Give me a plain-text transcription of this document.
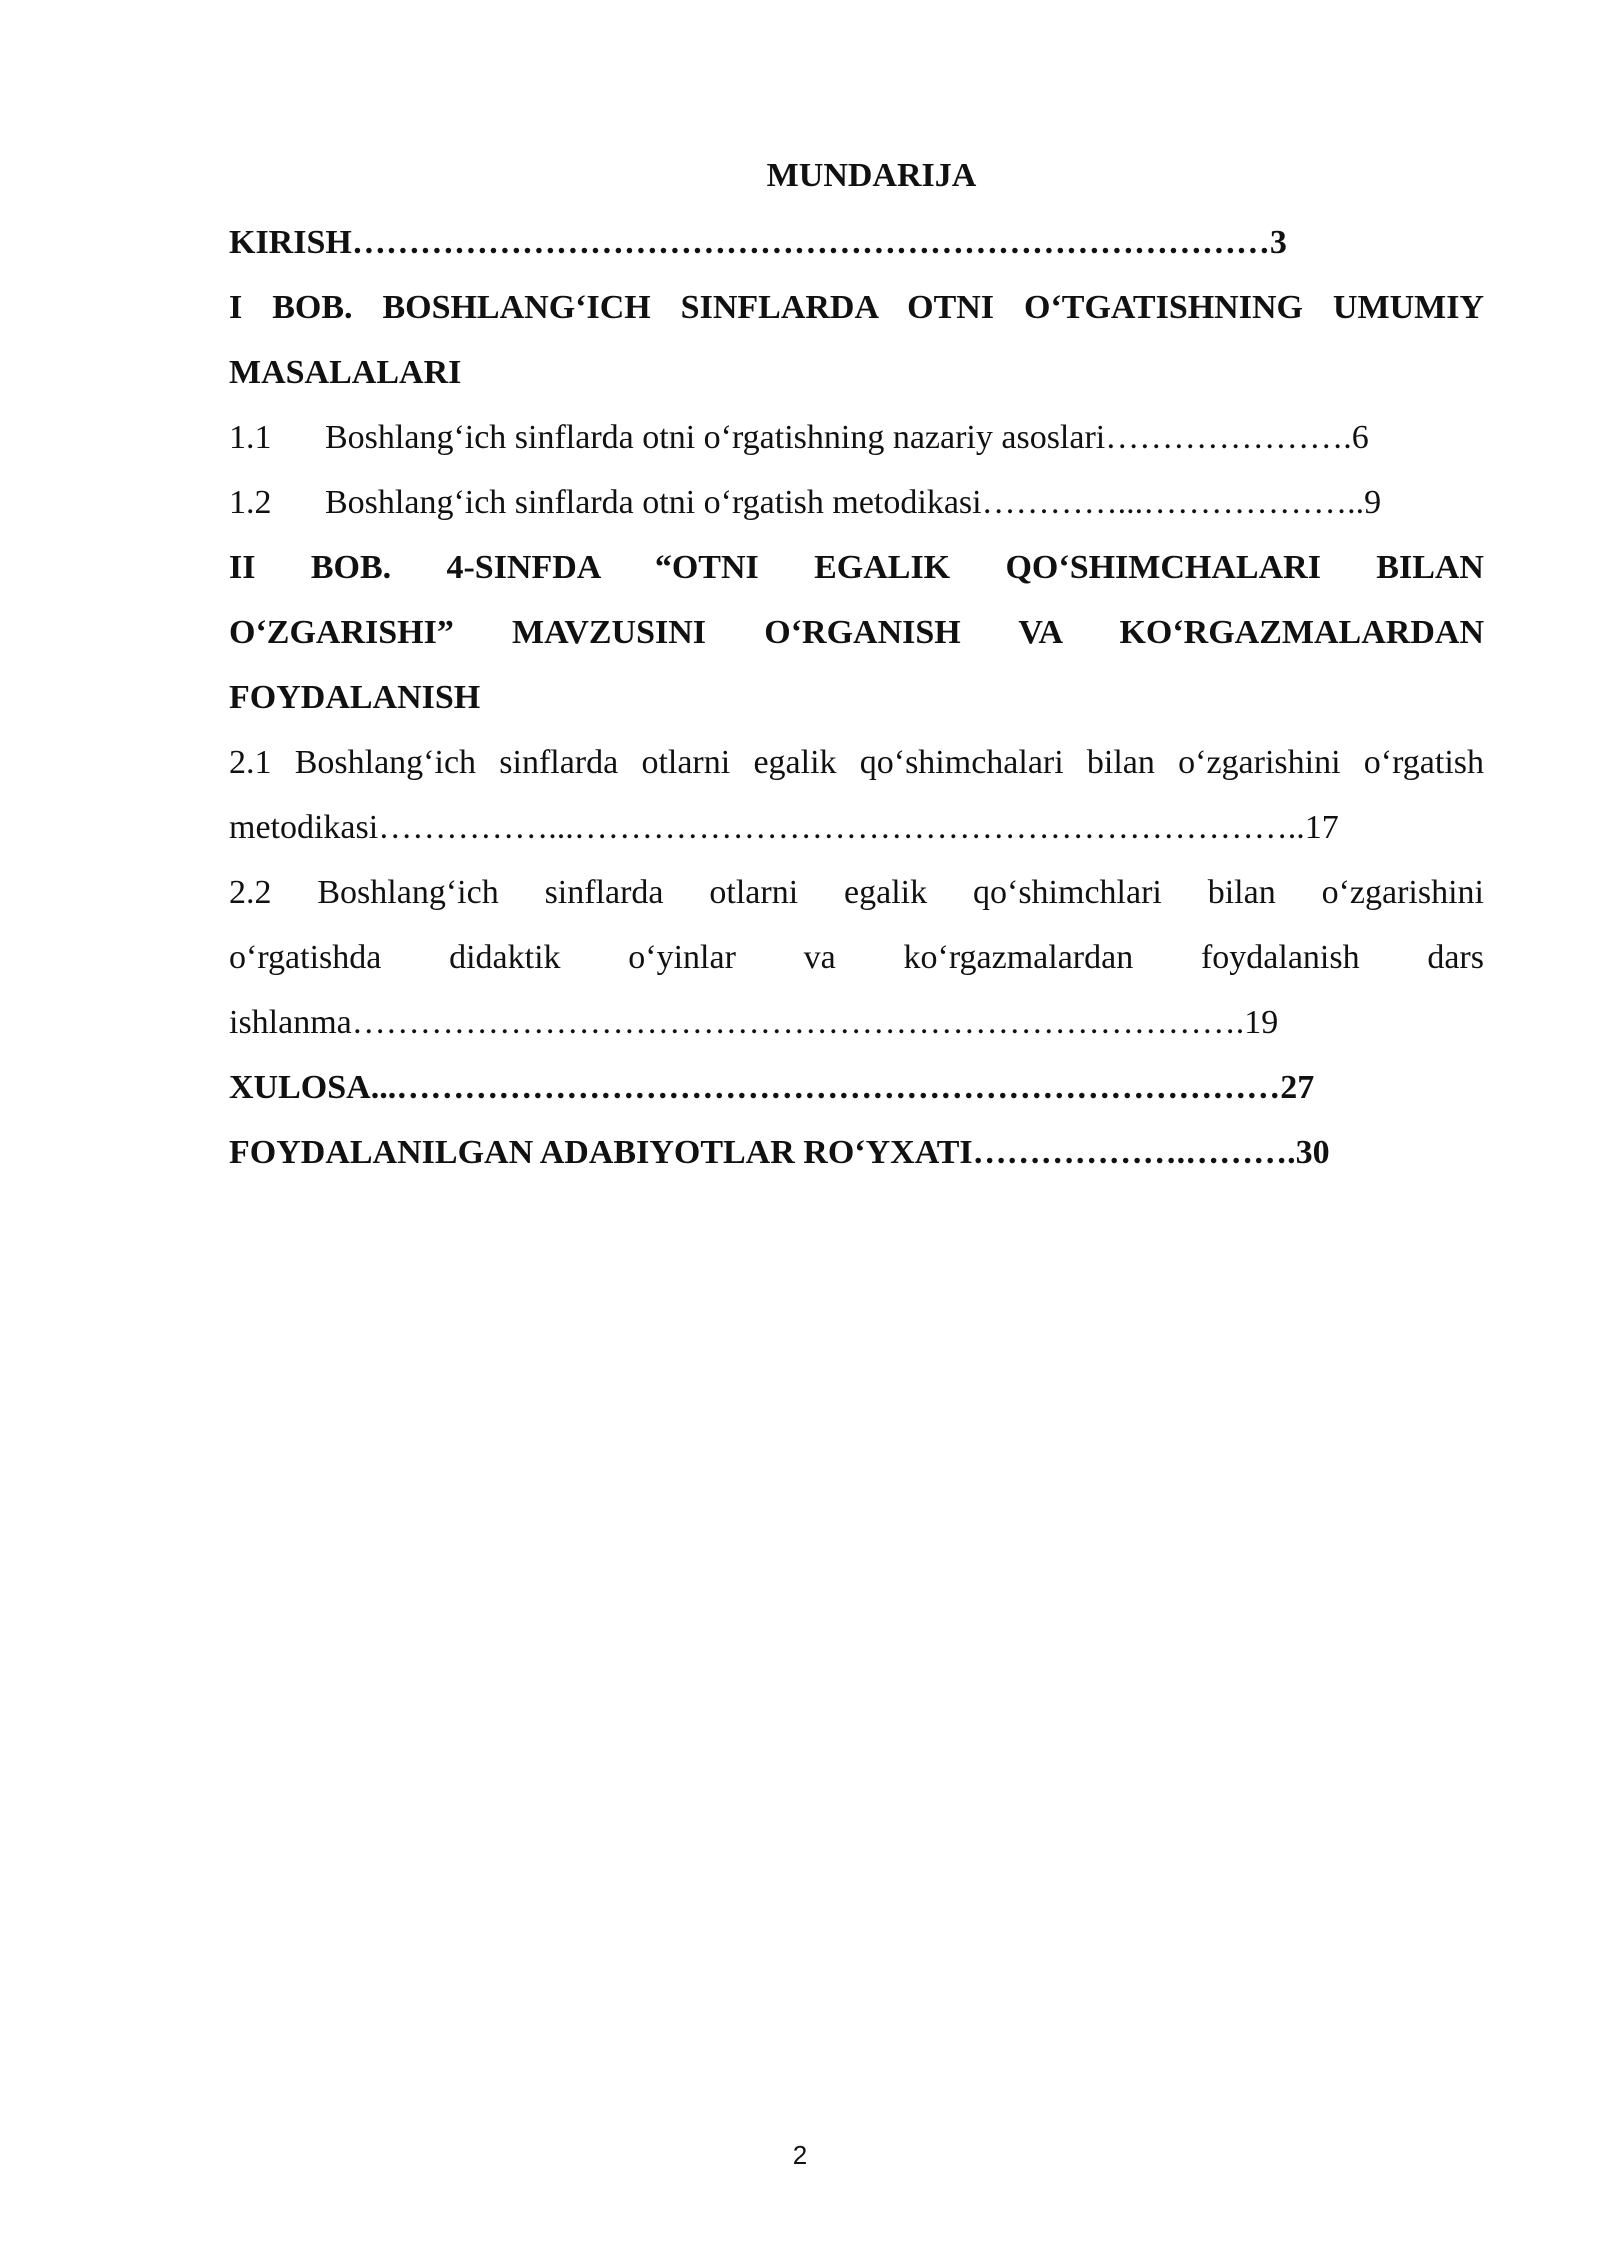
MUNDARIJA
KIRISH………………………………………………………………………3
I BOB. BOSHLANG‘ICH SINFLARDA OTNI O‘TGATISHNING UMUMIY
MASALALARI
1.1 Boshlang‘ich sinflarda otni o‘rgatishning nazariy asoslari………………….6
1.2 Boshlang‘ich sinflarda otni o‘rgatish metodikasi…………...………………..9
II BOB. 4-SINFDA “OTNI EGALIK QO‘SHIMCHALARI BILAN
O‘ZGARISHI” MAVZUSINI O‘RGANISH VA KO‘RGAZMALARDAN
FOYDALANISH
2.1 Boshlang‘ich sinflarda otlarni egalik qo‘shimchalari bilan o‘zgarishini o‘rgatish
metodikasi……………...………………………………………………………..17
2.2 Boshlang‘ich sinflarda otlarni egalik qo‘shimchlari bilan o‘zgarishini
o‘rgatishda didaktik o‘yinlar va ko‘rgazmalardan foydalanish dars
ishlanma…………………………………………………………………….19
XULOSA...……………………………………………………………………27
FOYDALANILGAN ADABIYOTLAR RO‘YXATI……………….……….30
2
